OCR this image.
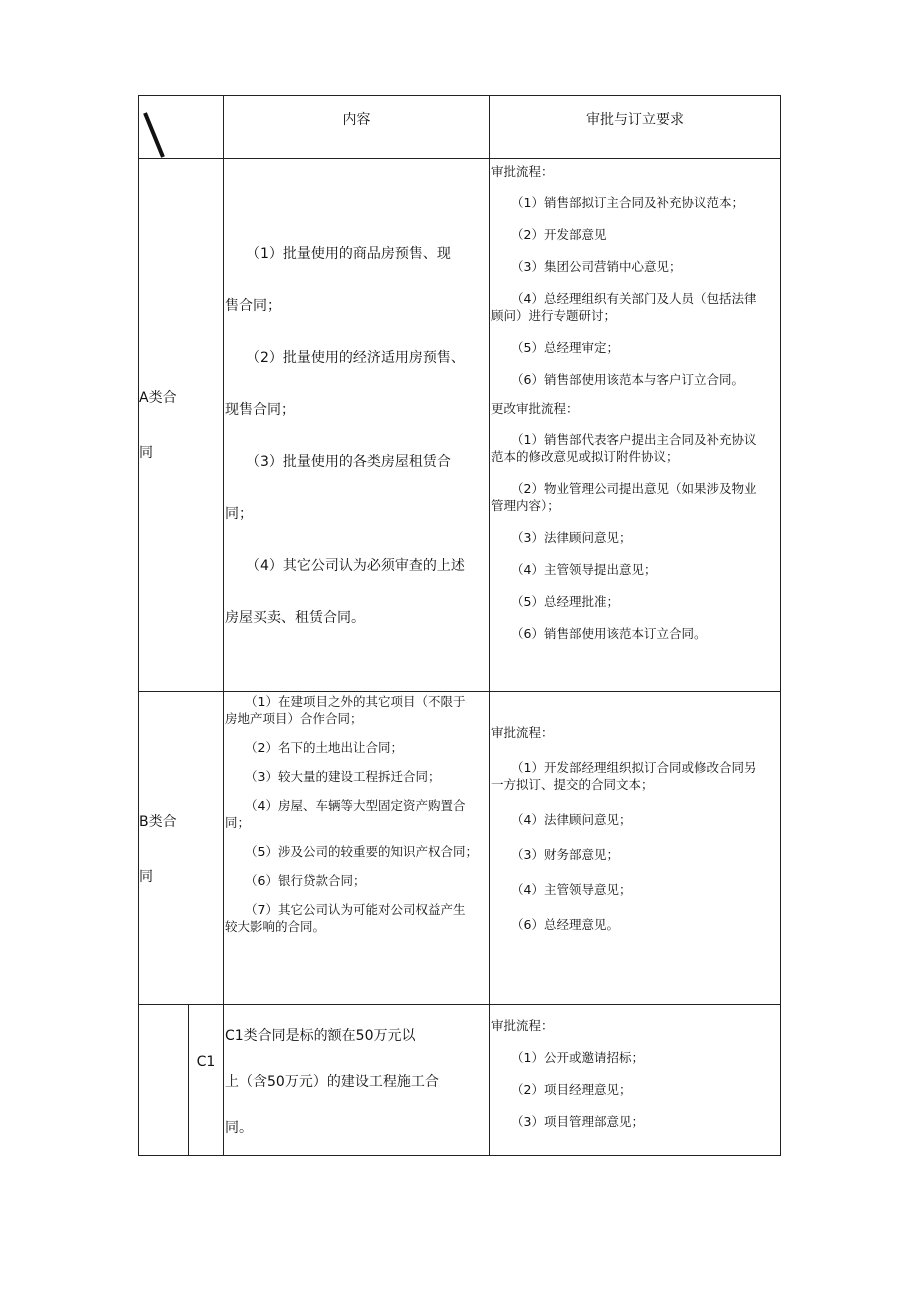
内容	审批与订立要求
A类合
同

（1）批量使用的商品房预售、现

售合同；

（2）批量使用的经济适用房预售、

现售合同；

（3）批量使用的各类房屋租赁合

同；

（4）其它公司认为必须审查的上述

房屋买卖、租赁合同。

审批流程：

（1）销售部拟订主合同及补充协议范本；

（2）开发部意见

（3）集团公司营销中心意见；

（4）总经理组织有关部门及人员（包括法律

顾问）进行专题研讨；

（5）总经理审定；

（6）销售部使用该范本与客户订立合同。

更改审批流程：

（1）销售部代表客户提出主合同及补充协议

范本的修改意见或拟订附件协议；

（2）物业管理公司提出意见（如果涉及物业

管理内容）；

（3）法律顾问意见；

（4）主管领导提出意见；

（5）总经理批准；

（6）销售部使用该范本订立合同。

B类合
同

（1）在建项目之外的其它项目（不限于

房地产项目）合作合同；

（2）名下的土地出让合同；

（3）较大量的建设工程拆迁合同；

（4）房屋、车辆等大型固定资产购置合

同；

（5）涉及公司的较重要的知识产权合同；

（6）银行贷款合同；

（7）其它公司认为可能对公司权益产生

较大影响的合同。

审批流程：

（1）开发部经理组织拟订合同或修改合同另

一方拟订、提交的合同文本；

（4）法律顾问意见；

（3）财务部意见；

（4）主管领导意见；

（6）总经理意见。

C1

C1类合同是标的额在50万元以

上（含50万元）的建设工程施工合

同。

审批流程：

（1）公开或邀请招标；

（2）项目经理意见；

（3）项目管理部意见；
